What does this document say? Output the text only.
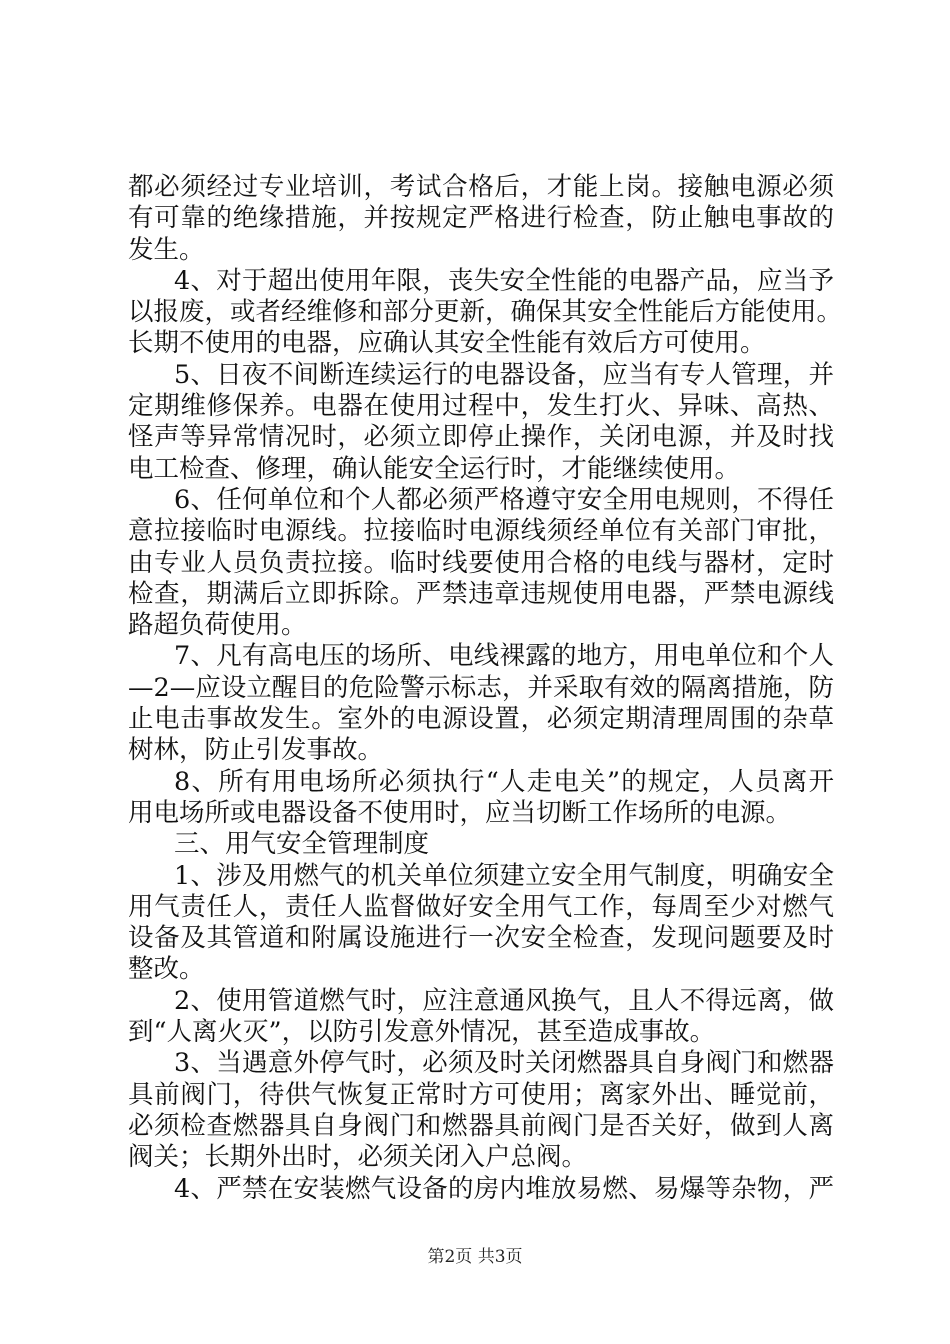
都必须经过专业培训，考试合格后，才能上岗。接触电源必须
有可靠的绝缘措施，并按规定严格进行检查，防止触电事故的
发生。
4、对于超出使用年限，丧失安全性能的电器产品，应当予
以报废，或者经维修和部分更新，确保其安全性能后方能使用。
长期不使用的电器，应确认其安全性能有效后方可使用。
5、日夜不间断连续运行的电器设备，应当有专人管理，并
定期维修保养。电器在使用过程中，发生打火、异味、高热、
怪声等异常情况时，必须立即停止操作，关闭电源，并及时找
电工检查、修理，确认能安全运行时，才能继续使用。
6、任何单位和个人都必须严格遵守安全用电规则，不得任
意拉接临时电源线。拉接临时电源线须经单位有关部门审批，
由专业人员负责拉接。临时线要使用合格的电线与器材，定时
检查，期满后立即拆除。严禁违章违规使用电器，严禁电源线
路超负荷使用。
7、凡有高电压的场所、电线裸露的地方，用电单位和个人
—2—应设立醒目的危险警示标志，并采取有效的隔离措施，防
止电击事故发生。室外的电源设置，必须定期清理周围的杂草
树林，防止引发事故。
8、所有用电场所必须执行“人走电关”的规定，人员离开
用电场所或电器设备不使用时，应当切断工作场所的电源。
三、用气安全管理制度
1、涉及用燃气的机关单位须建立安全用气制度，明确安全
用气责任人，责任人监督做好安全用气工作，每周至少对燃气
设备及其管道和附属设施进行一次安全检查，发现问题要及时
整改。
2、使用管道燃气时，应注意通风换气，且人不得远离，做
到“人离火灭”，以防引发意外情况，甚至造成事故。
3、当遇意外停气时，必须及时关闭燃器具自身阀门和燃器
具前阀门，待供气恢复正常时方可使用；离家外出、睡觉前，
必须检查燃器具自身阀门和燃器具前阀门是否关好，做到人离
阀关；长期外出时，必须关闭入户总阀。
4、严禁在安装燃气设备的房内堆放易燃、易爆等杂物，严
第2页 共3页
